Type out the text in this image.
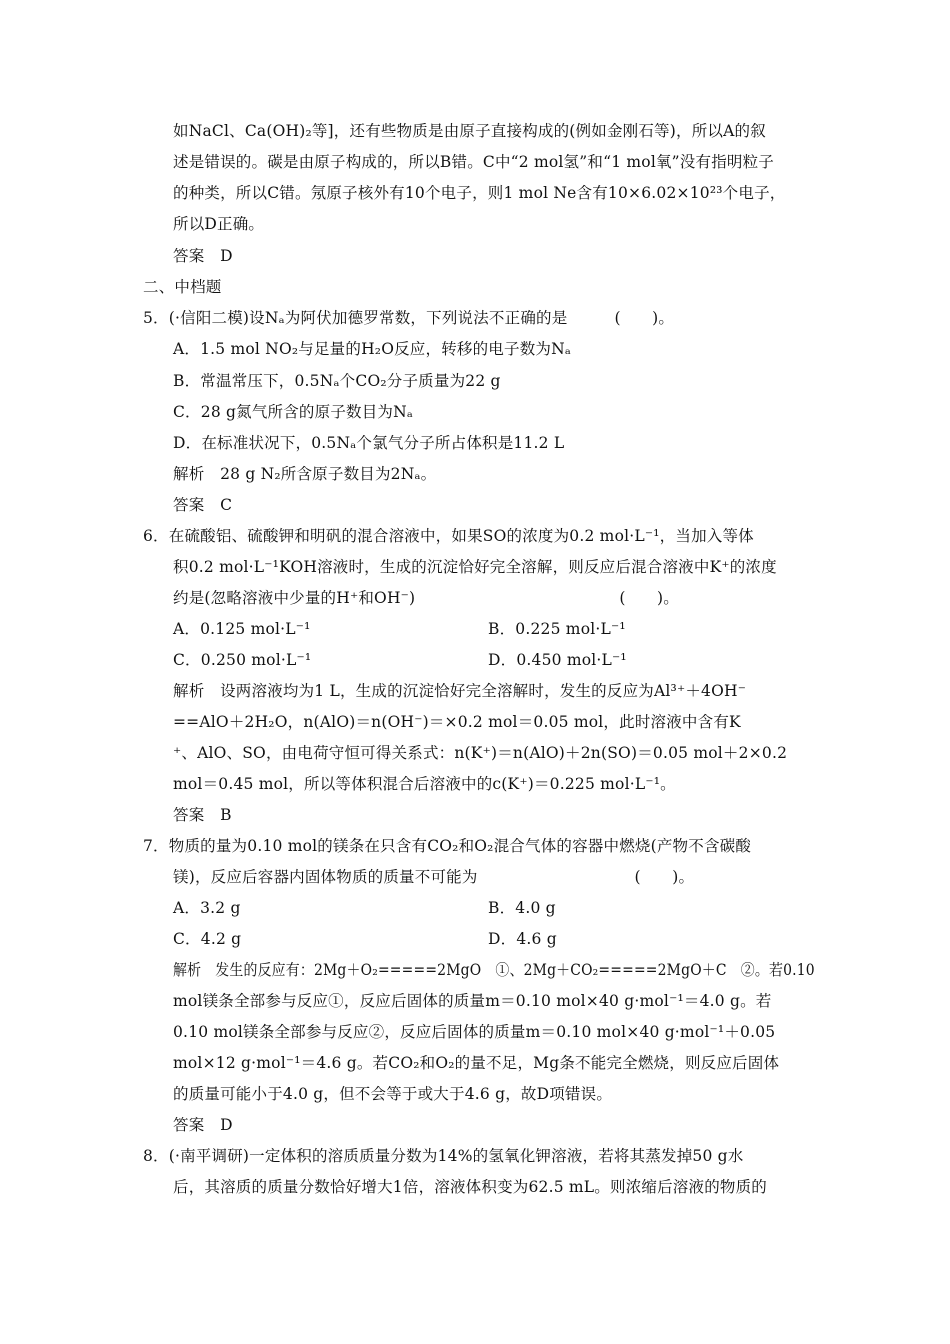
如NaCl、Ca(OH)₂等]，还有些物质是由原子直接构成的(例如金刚石等)，所以A的叙
述是错误的。碳是由原子构成的，所以B错。C中“2 mol氢”和“1 mol氧”没有指明粒子
的种类，所以C错。氖原子核外有10个电子，则1 mol Ne含有10×6.02×10²³个电子，
所以D正确。
答案　D
二、中档题
5．(·信阳二模)设Nₐ为阿伏加德罗常数，下列说法不正确的是　　　(　　)。
A．1.5 mol NO₂与足量的H₂O反应，转移的电子数为Nₐ
B．常温常压下，0.5Nₐ个CO₂分子质量为22 g
C．28 g氮气所含的原子数目为Nₐ
D．在标准状况下，0.5Nₐ个氯气分子所占体积是11.2 L
解析　28 g N₂所含原子数目为2Nₐ。
答案　C
6．在硫酸铝、硫酸钾和明矾的混合溶液中，如果SO的浓度为0.2 mol·L⁻¹，当加入等体
积0.2 mol·L⁻¹KOH溶液时，生成的沉淀恰好完全溶解，则反应后混合溶液中K⁺的浓度
约是(忽略溶液中少量的H⁺和OH⁻)　　　　　　　　　　　　　(　　)。
A．0.125 mol·L⁻¹	B．0.225 mol·L⁻¹
C．0.250 mol·L⁻¹	D．0.450 mol·L⁻¹
解析　设两溶液均为1 L，生成的沉淀恰好完全溶解时，发生的反应为Al³⁺＋4OH⁻
==AlO＋2H₂O，n(AlO)＝n(OH⁻)＝×0.2 mol＝0.05 mol，此时溶液中含有K
⁺、AlO、SO，由电荷守恒可得关系式：n(K⁺)＝n(AlO)＋2n(SO)＝0.05 mol＋2×0.2
mol＝0.45 mol，所以等体积混合后溶液中的c(K⁺)＝0.225 mol·L⁻¹。
答案　B
7．物质的量为0.10 mol的镁条在只含有CO₂和O₂混合气体的容器中燃烧(产物不含碳酸
镁)，反应后容器内固体物质的质量不可能为　　　　　　　　　　(　　)。
A．3.2 g	B．4.0 g
C．4.2 g	D．4.6 g
解析　发生的反应有：2Mg＋O₂=====2MgO　①、2Mg＋CO₂=====2MgO＋C　②。若0.10
mol镁条全部参与反应①，反应后固体的质量m＝0.10 mol×40 g·mol⁻¹＝4.0 g。若
0.10 mol镁条全部参与反应②，反应后固体的质量m＝0.10 mol×40 g·mol⁻¹＋0.05
mol×12 g·mol⁻¹＝4.6 g。若CO₂和O₂的量不足，Mg条不能完全燃烧，则反应后固体
的质量可能小于4.0 g，但不会等于或大于4.6 g，故D项错误。
答案　D
8．(·南平调研)一定体积的溶质质量分数为14%的氢氧化钾溶液，若将其蒸发掉50 g水
后，其溶质的质量分数恰好增大1倍，溶液体积变为62.5 mL。则浓缩后溶液的物质的
